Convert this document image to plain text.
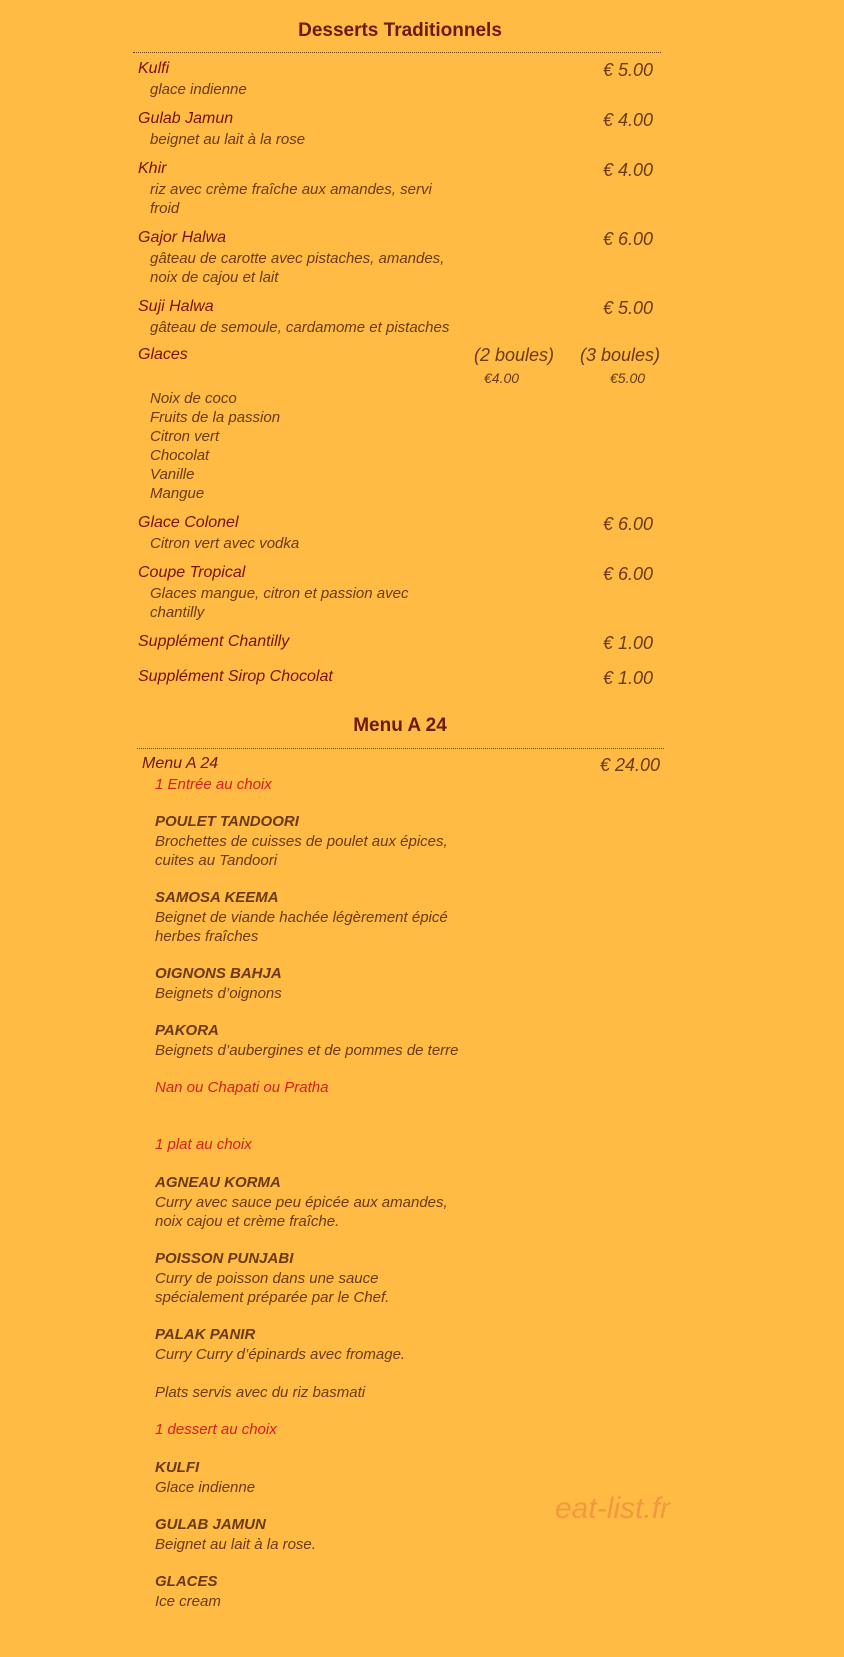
Desserts Traditionnels
Kulfi	€ 5.00
glace indienne
Gulab Jamun	€ 4.00
beignet au lait à la rose
Khir	€ 4.00
riz avec crème fraîche aux amandes, servi
froid
Gajor Halwa	€ 6.00
gâteau de carotte avec pistaches, amandes,
noix de cajou et lait
Suji Halwa	€ 5.00
gâteau de semoule, cardamome et pistaches
Glaces	(2 boules) (3 boules)
€4.00	€5.00
Noix de coco
Fruits de la passion
Citron vert
Chocolat
Vanille
Mangue
Glace Colonel	€ 6.00
Citron vert avec vodka
Coupe Tropical	€ 6.00
Glaces mangue, citron et passion avec
chantilly
Supplément Chantilly	€ 1.00
Supplément Sirop Chocolat	€ 1.00
Menu A 24
Menu A 24	€ 24.00
1 Entrée au choix
POULET TANDOORI
Brochettes de cuisses de poulet aux épices,
cuites au Tandoori
SAMOSA KEEMA
Beignet de viande hachée légèrement épicé
herbes fraîches
OIGNONS BAHJA
Beignets d’oignons
PAKORA
Beignets d’aubergines et de pommes de terre
Nan ou Chapati ou Pratha
1 plat au choix
AGNEAU KORMA
Curry avec sauce peu épicée aux amandes,
noix cajou et crème fraîche.
POISSON PUNJABI
Curry de poisson dans une sauce
spécialement préparée par le Chef.
PALAK PANIR
Curry Curry d’épinards avec fromage.
Plats servis avec du riz basmati
1 dessert au choix
KULFI
Glace indienne
GULAB JAMUN
Beignet au lait à la rose.
GLACES
Ice cream
eat-list.fr
